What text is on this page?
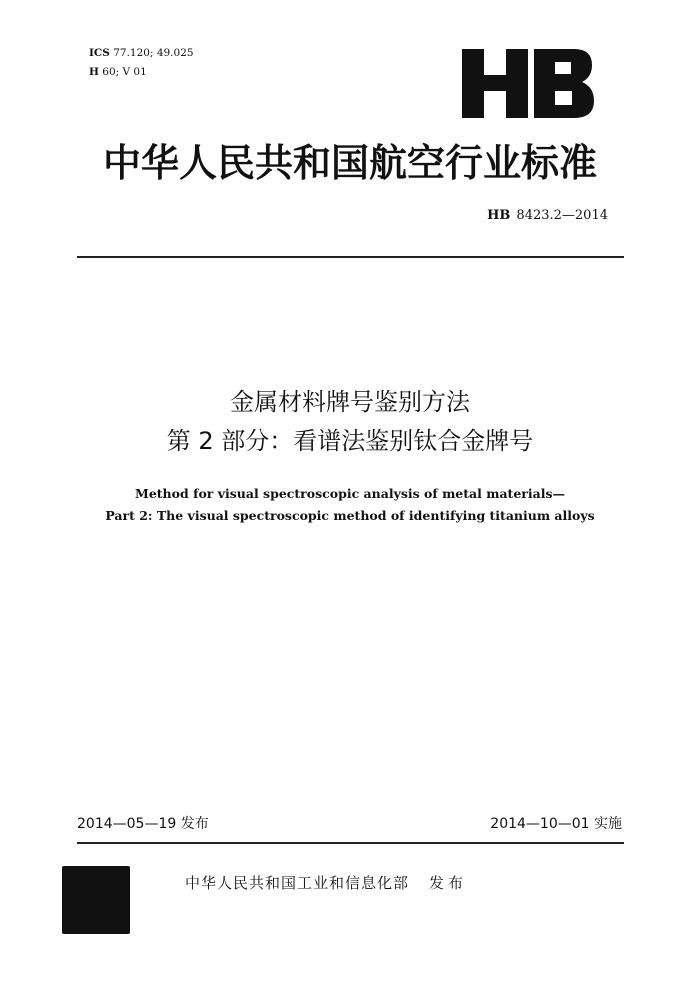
ICS 77.120; 49.025
H 60; V 01
中华人民共和国航空行业标准
HB 8423.2—2014
金属材料牌号鉴别方法
第 2 部分：看谱法鉴别钛合金牌号
Method for visual spectroscopic analysis of metal materials—
Part 2: The visual spectroscopic method of identifying titanium alloys
2014—05—19 发布	2014—10—01 实施
中华人民共和国工业和信息化部 发布
